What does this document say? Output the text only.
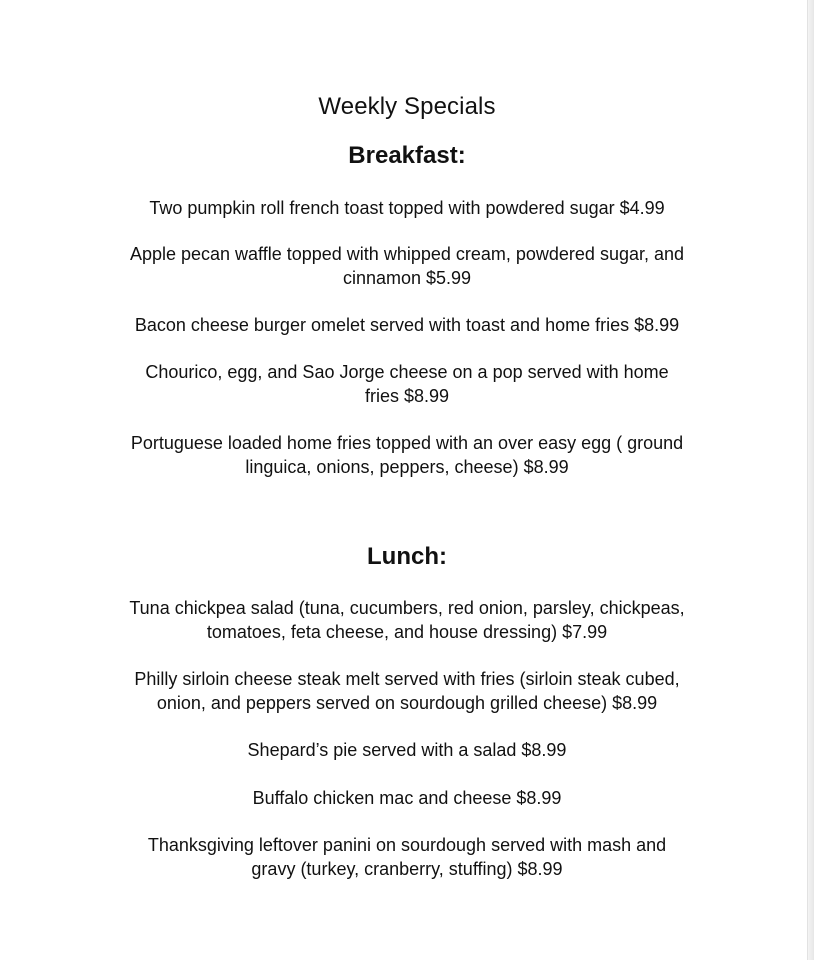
Weekly Specials
Breakfast:
Two pumpkin roll french toast topped with powdered sugar $4.99
Apple pecan waffle topped with whipped cream, powdered sugar, and
cinnamon $5.99
Bacon cheese burger omelet served with toast and home fries $8.99
Chourico, egg, and Sao Jorge cheese on a pop served with home
fries $8.99
Portuguese loaded home fries topped with an over easy egg ( ground
linguica, onions, peppers, cheese) $8.99
Lunch:
Tuna chickpea salad (tuna, cucumbers, red onion, parsley, chickpeas,
tomatoes, feta cheese, and house dressing) $7.99
Philly sirloin cheese steak melt served with fries (sirloin steak cubed,
onion, and peppers served on sourdough grilled cheese) $8.99
Shepard’s pie served with a salad $8.99
Buffalo chicken mac and cheese $8.99
Thanksgiving leftover panini on sourdough served with mash and
gravy (turkey, cranberry, stuffing) $8.99
